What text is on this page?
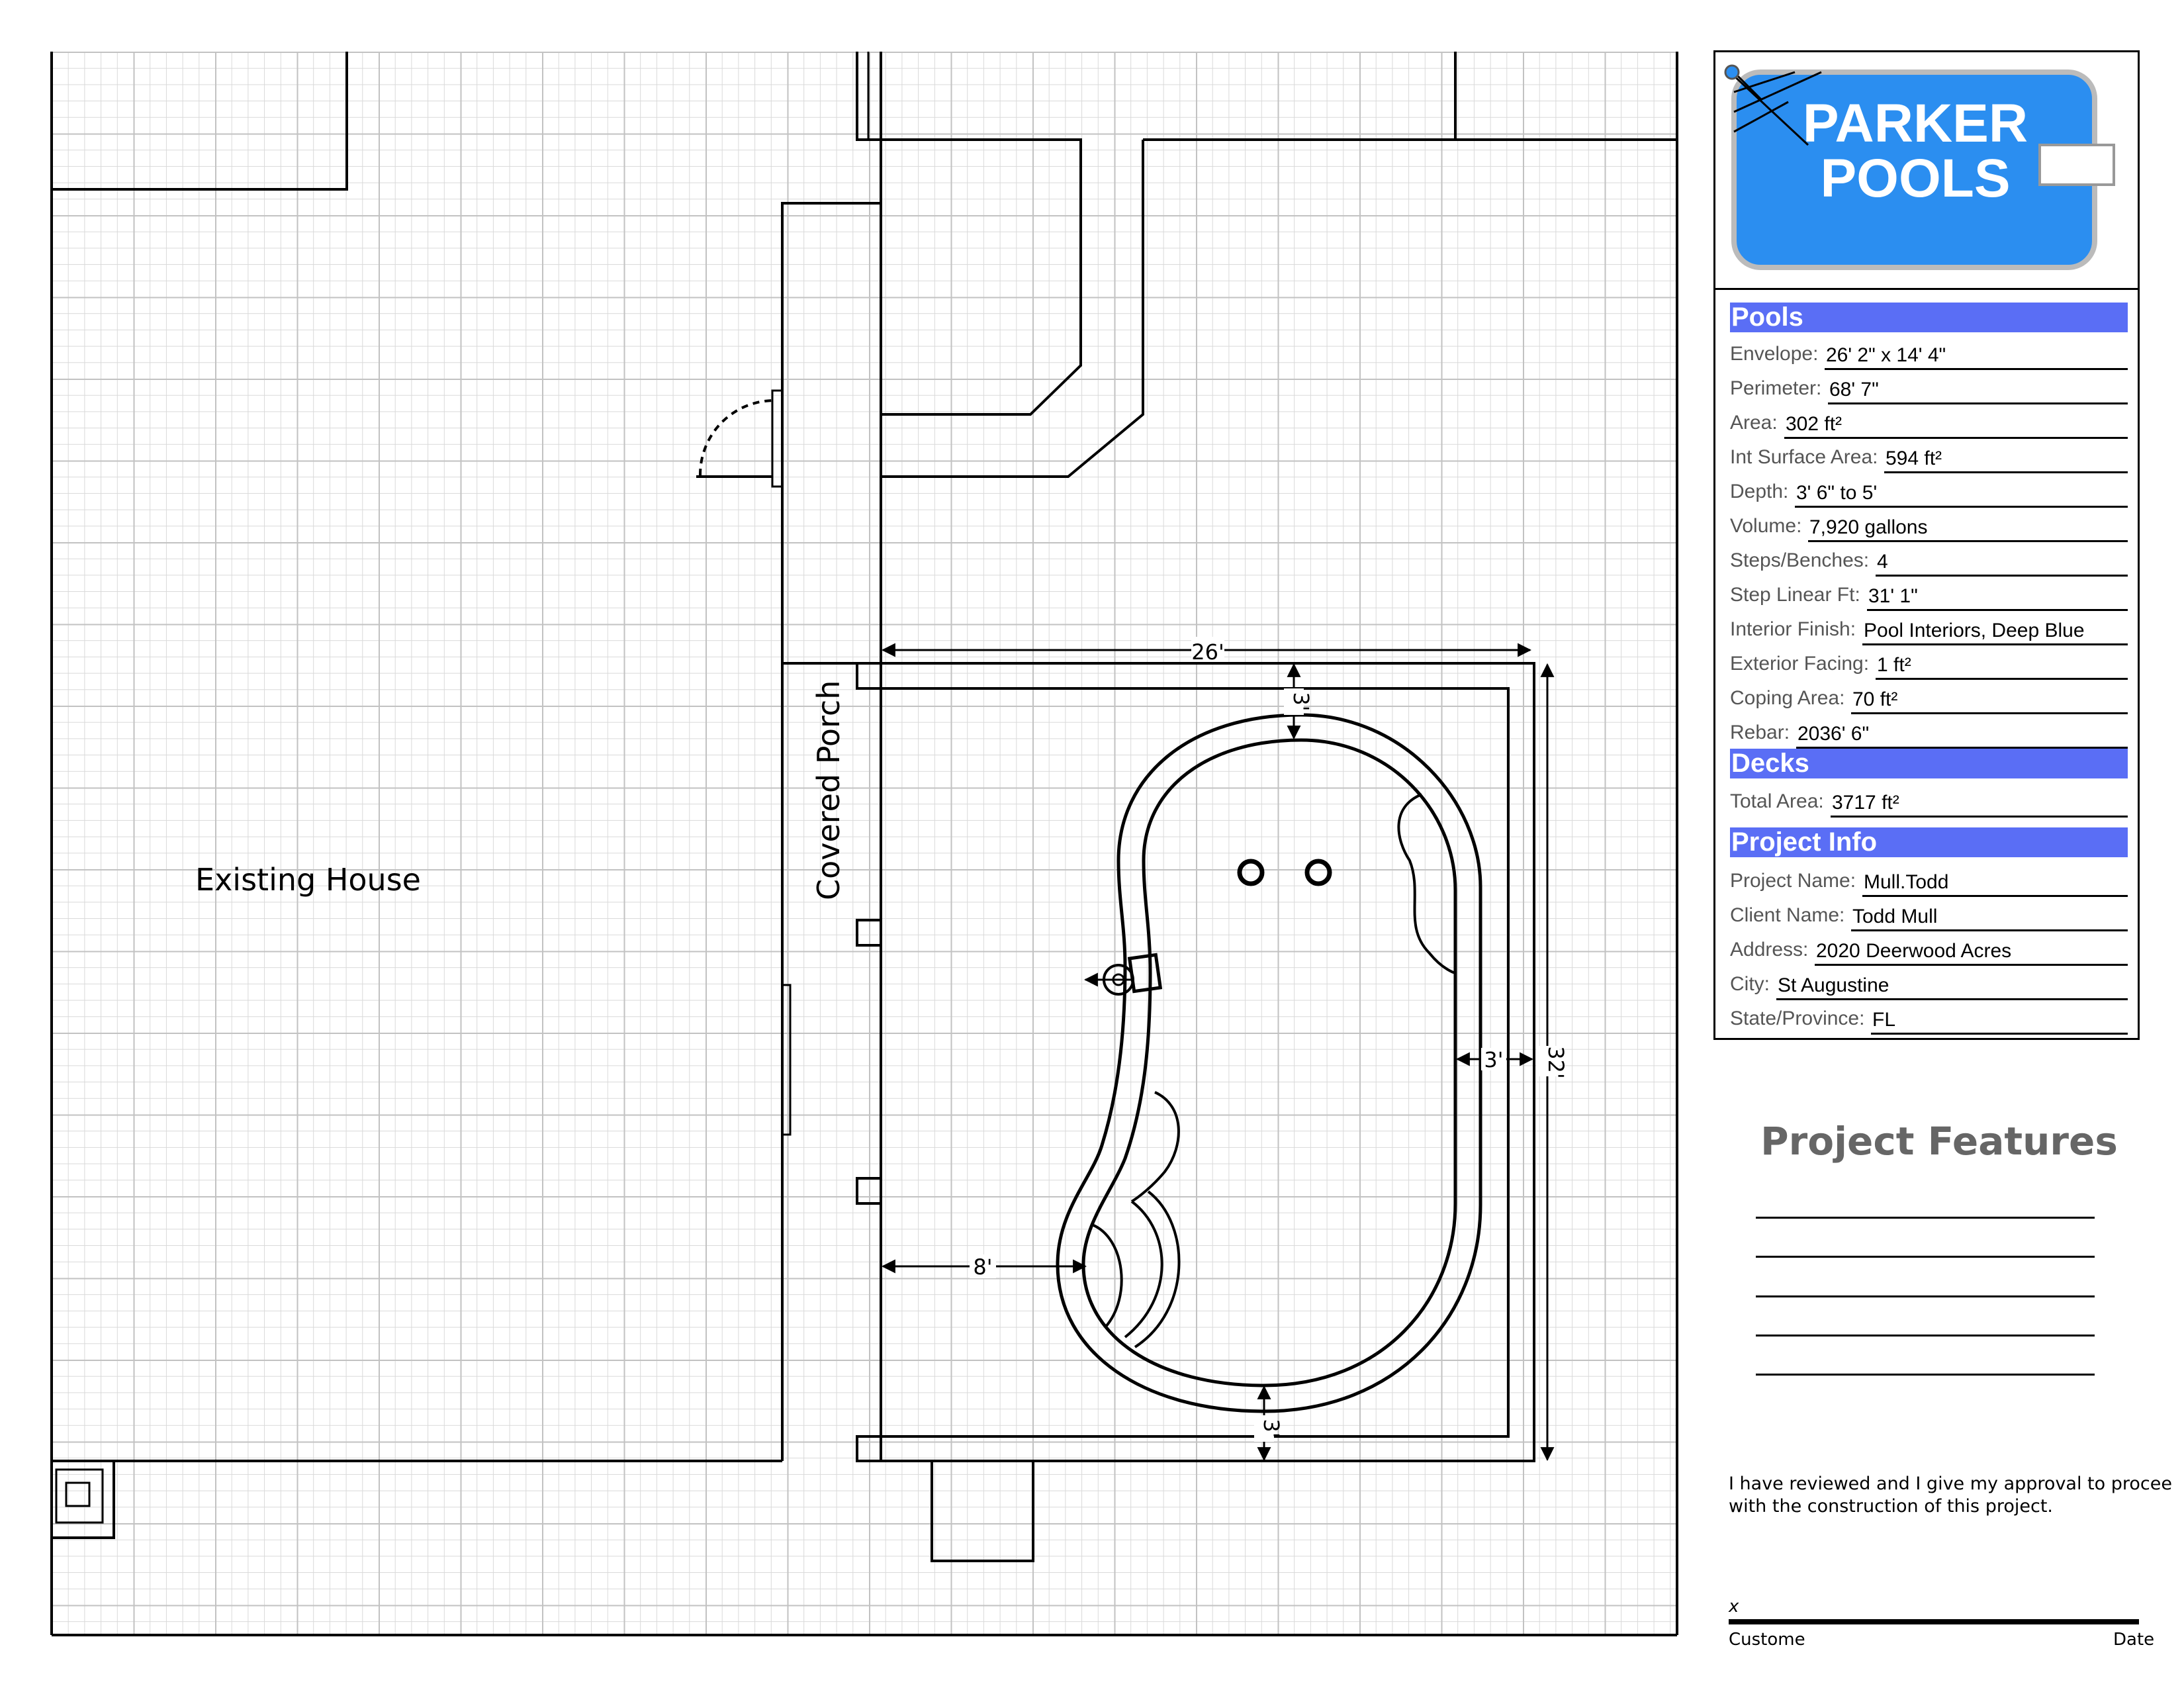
26'
32'
3'
3'
3'
8'
Existing House	Covered Porch
PARKER
POOLS
Pools
Envelope: 26' 2" x 14' 4"
Perimeter: 68' 7"
Area: 302 ft²
Int Surface Area: 594 ft²
Depth: 3' 6" to 5'
Volume: 7,920 gallons
Steps/Benches: 4
Step Linear Ft: 31' 1"
Interior Finish: Pool Interiors, Deep Blue
Exterior Facing: 1 ft²
Coping Area: 70 ft²
Rebar: 2036' 6"
Decks
Total Area: 3717 ft²
Project Info
Project Name: Mull.Todd
Client Name: Todd Mull
Address: 2020 Deerwood Acres
City: St Augustine
State/Province: FL
Project Features
I have reviewed and I give my approval to procee
with the construction of this project.
x
Custome	Date
